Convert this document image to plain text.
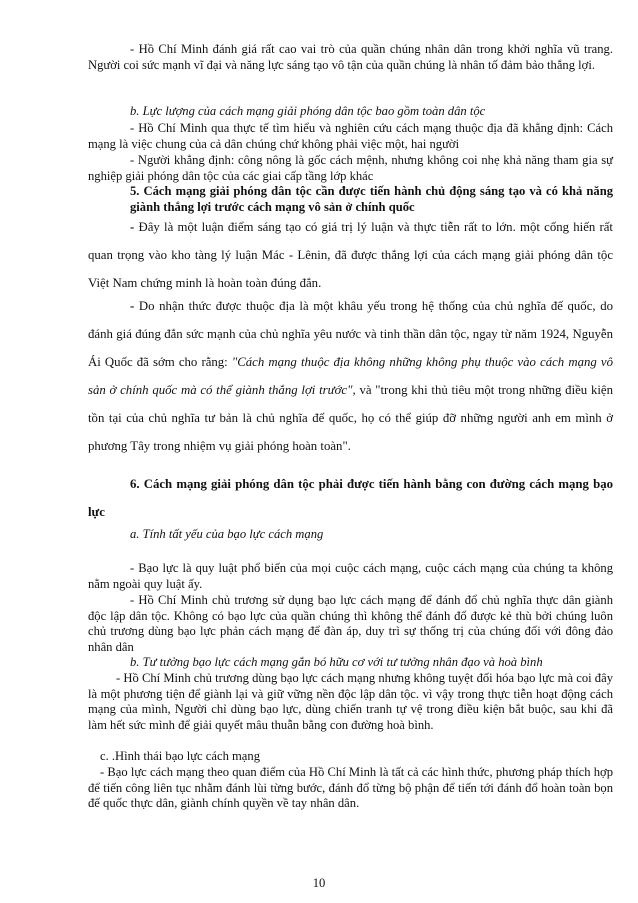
- Hồ Chí Minh đánh giá rất cao vai trò của quần chúng nhân dân trong khởi nghĩa vũ trang. Người coi sức mạnh vĩ đại và năng lực sáng tạo vô tận của quần chúng là nhân tố đảm bảo thắng lợi.

b. Lực lượng của cách mạng giải phóng dân tộc bao gồm toàn dân tộc

- Hồ Chí Minh qua thực tế tìm hiểu và nghiên cứu cách mạng thuộc địa đã khẳng định: Cách mạng là việc chung của cả dân chúng chứ không phải việc một, hai người

- Người khẳng định: công nông là gốc cách mệnh, nhưng không coi nhẹ khả năng tham gia sự nghiệp giải phóng dân tộc của các giai cấp tầng lớp khác

5. Cách mạng giải phóng dân tộc cần được tiến hành chủ động sáng tạo và có khả năng giành thắng lợi trước cách mạng vô sản ở chính quốc

- Đây là một luận điểm sáng tạo có giá trị lý luận và thực tiễn rất to lớn. một cống hiến rất quan trọng vào kho tàng lý luận Mác - Lênin, đã được thắng lợi của cách mạng giải phóng dân tộc Việt Nam chứng minh là hoàn toàn đúng đắn.

- Do nhận thức được thuộc địa là một khâu yếu trong hệ thống của chủ nghĩa đế quốc, do đánh giá đúng đắn sức mạnh của chủ nghĩa yêu nước và tinh thần dân tộc, ngay từ năm 1924, Nguyễn Ái Quốc đã sớm cho rằng: "Cách mạng thuộc địa không những không phụ thuộc vào cách mạng vô sản ở chính quốc mà có thể giành thắng lợi trước", và "trong khi thủ tiêu một trong những điều kiện tồn tại của chủ nghĩa tư bản là chủ nghĩa đế quốc, họ có thể giúp đỡ những người anh em mình ở phương Tây trong nhiệm vụ giải phóng hoàn toàn".

6. Cách mạng giải phóng dân tộc phải được tiến hành bằng con đường cách mạng bạo lực

a. Tính tất yếu của bạo lực cách mạng

- Bạo lực là quy luật phổ biến của mọi cuộc cách mạng, cuộc cách mạng của chúng ta không nằm ngoài quy luật ấy.

- Hồ Chí Minh chủ trương sử dụng bạo lực cách mạng để đánh đổ chủ nghĩa thực dân giành độc lập dân tộc. Không có bạo lực của quần chúng thì không thể đánh đổ được kẻ thù bởi chúng luôn chủ trương dùng bạo lực phản cách mạng để đàn áp, duy trì sự thống trị của chúng đối với đông đảo nhân dân

b. Tư tưởng bạo lực cách mạng gắn bó hữu cơ với tư tưởng nhân đạo và hoà bình

- Hồ Chí Minh chủ trương dùng bạo lực cách mạng nhưng không tuyệt đối hóa bạo lực mà coi đây là một phương tiện để giành lại và giữ vững nền độc lập dân tộc. vì vậy trong thực tiễn hoạt động cách mạng của mình, Người chỉ dùng bạo lực, dùng chiến tranh tự vệ trong điều kiện bắt buộc, sau khi đã làm hết sức mình để giải quyết mâu thuẫn bằng con đường hoà bình.

c. .Hình thái bạo lực cách mạng

- Bạo lực cách mạng theo quan điểm của Hồ Chí Minh là tất cả các hình thức, phương pháp thích hợp để tiến công liên tục nhằm đánh lùi từng bước, đánh đổ từng bộ phận để tiến tới đánh đổ hoàn toàn bọn đế quốc thực dân, giành chính quyền về tay nhân dân.

10
